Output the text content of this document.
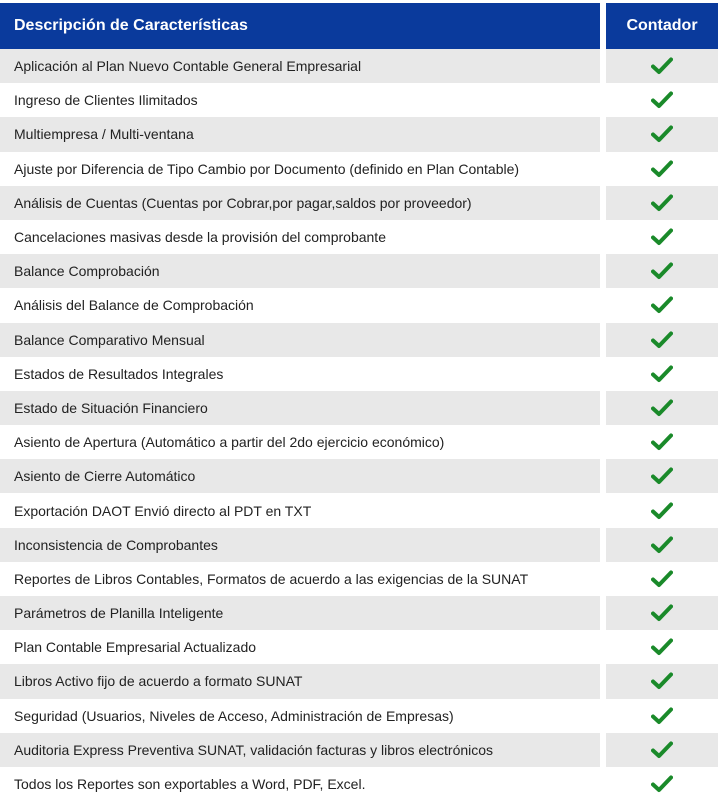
Descripción de Características	Contador
Aplicación al Plan Nuevo Contable General Empresarial
Ingreso de Clientes Ilimitados
Multiempresa / Multi-ventana
Ajuste por Diferencia de Tipo Cambio por Documento (definido en Plan Contable)
Análisis de Cuentas (Cuentas por Cobrar,por pagar,saldos por proveedor)
Cancelaciones masivas desde la provisión del comprobante
Balance Comprobación
Análisis del Balance de Comprobación
Balance Comparativo Mensual
Estados de Resultados Integrales
Estado de Situación Financiero
Asiento de Apertura (Automático a partir del 2do ejercicio económico)
Asiento de Cierre Automático
Exportación DAOT Envió directo al PDT en TXT
Inconsistencia de Comprobantes
Reportes de Libros Contables, Formatos de acuerdo a las exigencias de la SUNAT
Parámetros de Planilla Inteligente
Plan Contable Empresarial Actualizado
Libros Activo fijo de acuerdo a formato SUNAT
Seguridad (Usuarios, Niveles de Acceso, Administración de Empresas)
Auditoria Express Preventiva SUNAT, validación facturas y libros electrónicos
Todos los Reportes son exportables a Word, PDF, Excel.
